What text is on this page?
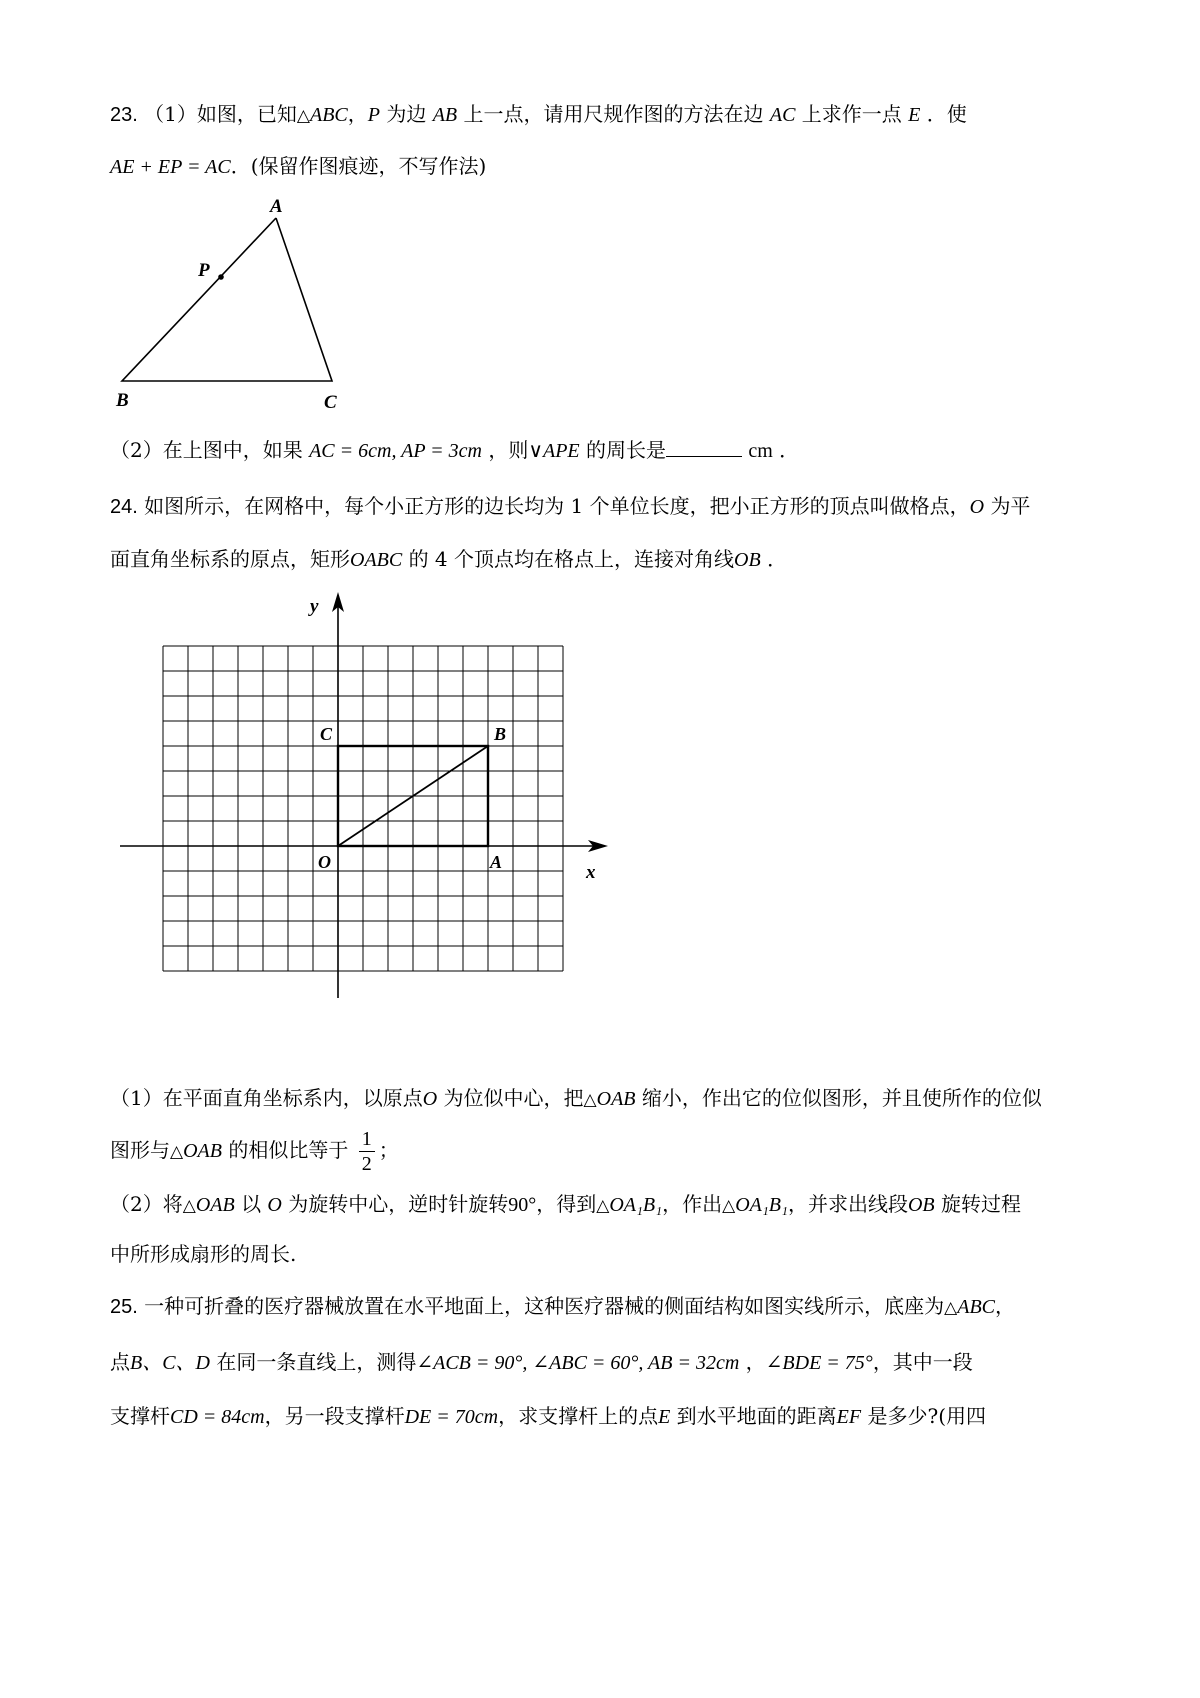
23. （1）如图，已知△ABC，P 为边 AB 上一点，请用尺规作图的方法在边 AC 上求作一点 E ．使
AE + EP = AC．(保留作图痕迹，不写作法)
A
P
B	C
（2）在上图中，如果 AC = 6cm, AP = 3cm ，则∨APE 的周长是	cm ．
24. 如图所示，在网格中，每个小正方形的边长均为 1 个单位长度，把小正方形的顶点叫做格点，O 为平
面直角坐标系的原点，矩形OABC 的 4 个顶点均在格点上，连接对角线OB ．
y
x
C	B
O	A
（1）在平面直角坐标系内，以原点O 为位似中心，把△OAB 缩小，作出它的位似图形，并且使所作的位似
图形与△OAB 的相似比等于 $\frac{1}{2}$ ；
（2）将△OAB 以 O 为旋转中心，逆时针旋转90°，得到△OA₁B₁，作出△OA₁B₁，并求出线段OB 旋转过程
中所形成扇形的周长.
25. 一种可折叠的医疗器械放置在水平地面上，这种医疗器械的侧面结构如图实线所示，底座为△ABC，
点B、C、D 在同一条直线上，测得∠ACB = 90°, ∠ABC = 60°, AB = 32cm ，∠BDE = 75°，其中一段
支撑杆CD = 84cm，另一段支撑杆DE = 70cm，求支撑杆上的点E 到水平地面的距离EF 是多少?(用四
